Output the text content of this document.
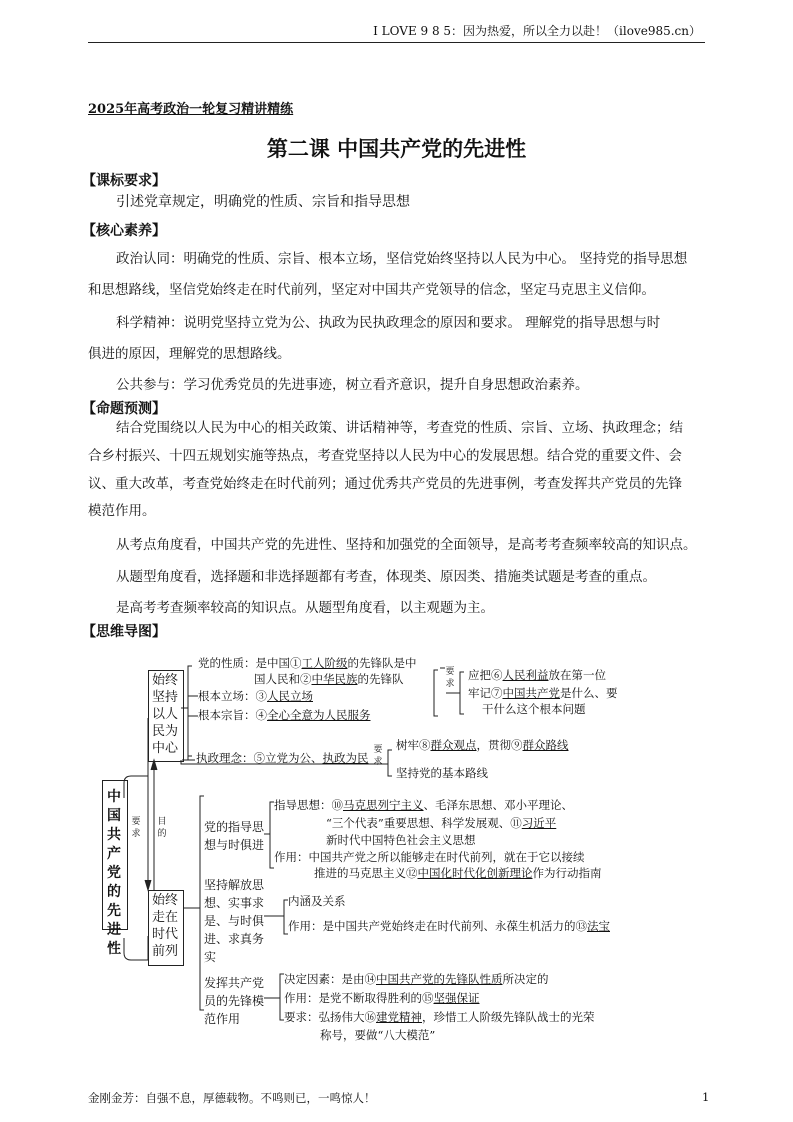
I LOVE 9 8 5：因为热爱，所以全力以赴！（ilove985.cn）
2025年高考政治一轮复习精讲精练
第二课 中国共产党的先进性
【课标要求】
引述党章规定，明确党的性质、宗旨和指导思想
【核心素养】
政治认同：明确党的性质、宗旨、根本立场，坚信党始终坚持以人民为中心。 坚持党的指导思想
和思想路线，坚信党始终走在时代前列，坚定对中国共产党领导的信念，坚定马克思主义信仰。
科学精神：说明党坚持立党为公、执政为民执政理念的原因和要求。 理解党的指导思想与时
俱进的原因，理解党的思想路线。
公共参与：学习优秀党员的先进事迹，树立看齐意识，提升自身思想政治素养。
【命题预测】
结合党围绕以人民为中心的相关政策、讲话精神等，考查党的性质、宗旨、立场、执政理念；结
合乡村振兴、十四五规划实施等热点，考查党坚持以人民为中心的发展思想。结合党的重要文件、会
议、重大改革，考查党始终走在时代前列；通过优秀共产党员的先进事例，考查发挥共产党员的先锋
模范作用。
从考点角度看，中国共产党的先进性、坚持和加强党的全面领导，是高考考查频率较高的知识点。
从题型角度看，选择题和非选择题都有考查，体现类、原因类、措施类试题是考查的重点。
是高考考查频率较高的知识点。从题型角度看，以主观题为主。
【思维导图】
中国共产党的先进性
始终坚持以人民为中心
始终走在时代前列
要求
目的
党的性质：是中国①工人阶级的先锋队是中
国人民和②中华民族的先锋队
根本立场：③人民立场
根本宗旨：④全心全意为人民服务
要求
应把⑥人民利益放在第一位
牢记⑦中国共产党是什么、要
干什么这个根本问题
执政理念：⑤立党为公、执政为民
要求
树牢⑧群众观点，贯彻⑨群众路线
坚持党的基本路线
党的指导思想与时俱进
指导思想：⑩马克思列宁主义、毛泽东思想、邓小平理论、
“三个代表”重要思想、科学发展观、⑪习近平
新时代中国特色社会主义思想
作用：中国共产党之所以能够走在时代前列，就在于它以接续
推进的马克思主义⑫中国化时代化创新理论作为行动指南
坚持解放思想、实事求是、与时俱进、求真务实
内涵及关系
作用：是中国共产党始终走在时代前列、永葆生机活力的⑬法宝
发挥共产党员的先锋模范作用
决定因素：是由⑭中国共产党的先锋队性质所决定的
作用：是党不断取得胜利的⑮坚强保证
要求：弘扬伟大⑯建党精神，珍惜工人阶级先锋队战士的光荣
称号，要做“八大模范”
金刚金芳：自强不息，厚德载物。不鸣则已，一鸣惊人！	1
